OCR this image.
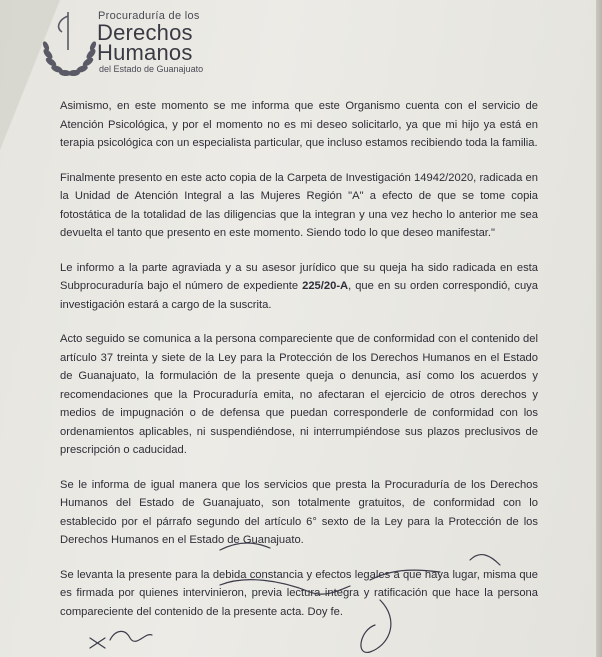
Procuraduría de los
Derechos
Humanos
del Estado de Guanajuato

Asimismo, en este momento se me informa que este Organismo cuenta con el servicio de Atención Psicológica, y por el momento no es mi deseo solicitarlo, ya que mi hijo ya está en terapia psicológica con un especialista particular, que incluso estamos recibiendo toda la familia.

Finalmente presento en este acto copia de la Carpeta de Investigación 14942/2020, radicada en la Unidad de Atención Integral a las Mujeres Región "A" a efecto de que se tome copia fotostática de la totalidad de las diligencias que la integran y una vez hecho lo anterior me sea devuelta el tanto que presento en este momento. Siendo todo lo que deseo manifestar."

Le informo a la parte agraviada y a su asesor jurídico que su queja ha sido radicada en esta Subprocuraduría bajo el número de expediente 225/20-A, que en su orden correspondió, cuya investigación estará a cargo de la suscrita.

Acto seguido se comunica a la persona compareciente que de conformidad con el contenido del artículo 37 treinta y siete de la Ley para la Protección de los Derechos Humanos en el Estado de Guanajuato, la formulación de la presente queja o denuncia, así como los acuerdos y recomendaciones que la Procuraduría emita, no afectaran el ejercicio de otros derechos y medios de impugnación o de defensa que puedan corresponderle de conformidad con los ordenamientos aplicables, ni suspendiéndose, ni interrumpiéndose sus plazos preclusivos de prescripción o caducidad.

Se le informa de igual manera que los servicios que presta la Procuraduría de los Derechos Humanos del Estado de Guanajuato, son totalmente gratuitos, de conformidad con lo establecido por el párrafo segundo del artículo 6° sexto de la Ley para la Protección de los Derechos Humanos en el Estado de Guanajuato.

Se levanta la presente para la debida constancia y efectos legales a que haya lugar, misma que es firmada por quienes intervinieron, previa lectura integra y ratificación que hace la persona compareciente del contenido de la presente acta. Doy fe.
